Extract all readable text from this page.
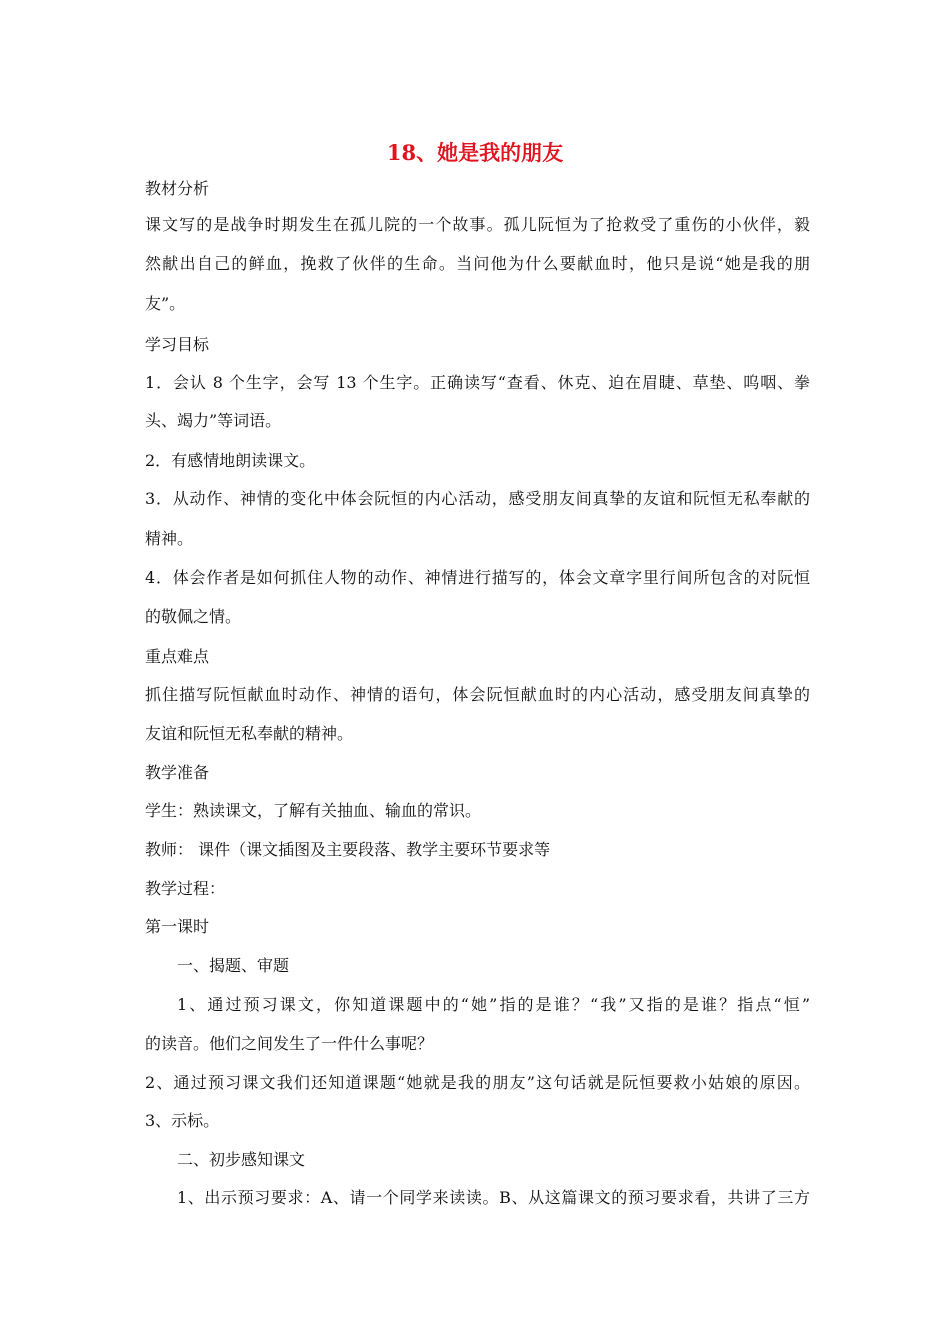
18、她是我的朋友
教材分析
课文写的是战争时期发生在孤儿院的一个故事。孤儿阮恒为了抢救受了重伤的小伙伴，毅
然献出自己的鲜血，挽救了伙伴的生命。当问他为什么要献血时，他只是说“她是我的朋
友”。
学习目标
1．会认 8 个生字，会写 13 个生字。正确读写“查看、休克、迫在眉睫、草垫、呜咽、拳
头、竭力”等词语。
2．有感情地朗读课文。
3．从动作、神情的变化中体会阮恒的内心活动，感受朋友间真挚的友谊和阮恒无私奉献的
精神。
4．体会作者是如何抓住人物的动作、神情进行描写的，体会文章字里行间所包含的对阮恒
的敬佩之情。
重点难点
抓住描写阮恒献血时动作、神情的语句，体会阮恒献血时的内心活动，感受朋友间真挚的
友谊和阮恒无私奉献的精神。
教学准备
学生：熟读课文，了解有关抽血、输血的常识。
教师： 课件（课文插图及主要段落、教学主要环节要求等
教学过程：
第一课时
一、揭题、审题
1、通过预习课文，你知道课题中的“她”指的是谁？“我”又指的是谁？指点“恒”
的读音。他们之间发生了一件什么事呢？
2、通过预习课文我们还知道课题“她就是我的朋友”这句话就是阮恒要救小姑娘的原因。
3、示标。
二、初步感知课文
1、出示预习要求：A、请一个同学来读读。B、从这篇课文的预习要求看，共讲了三方
